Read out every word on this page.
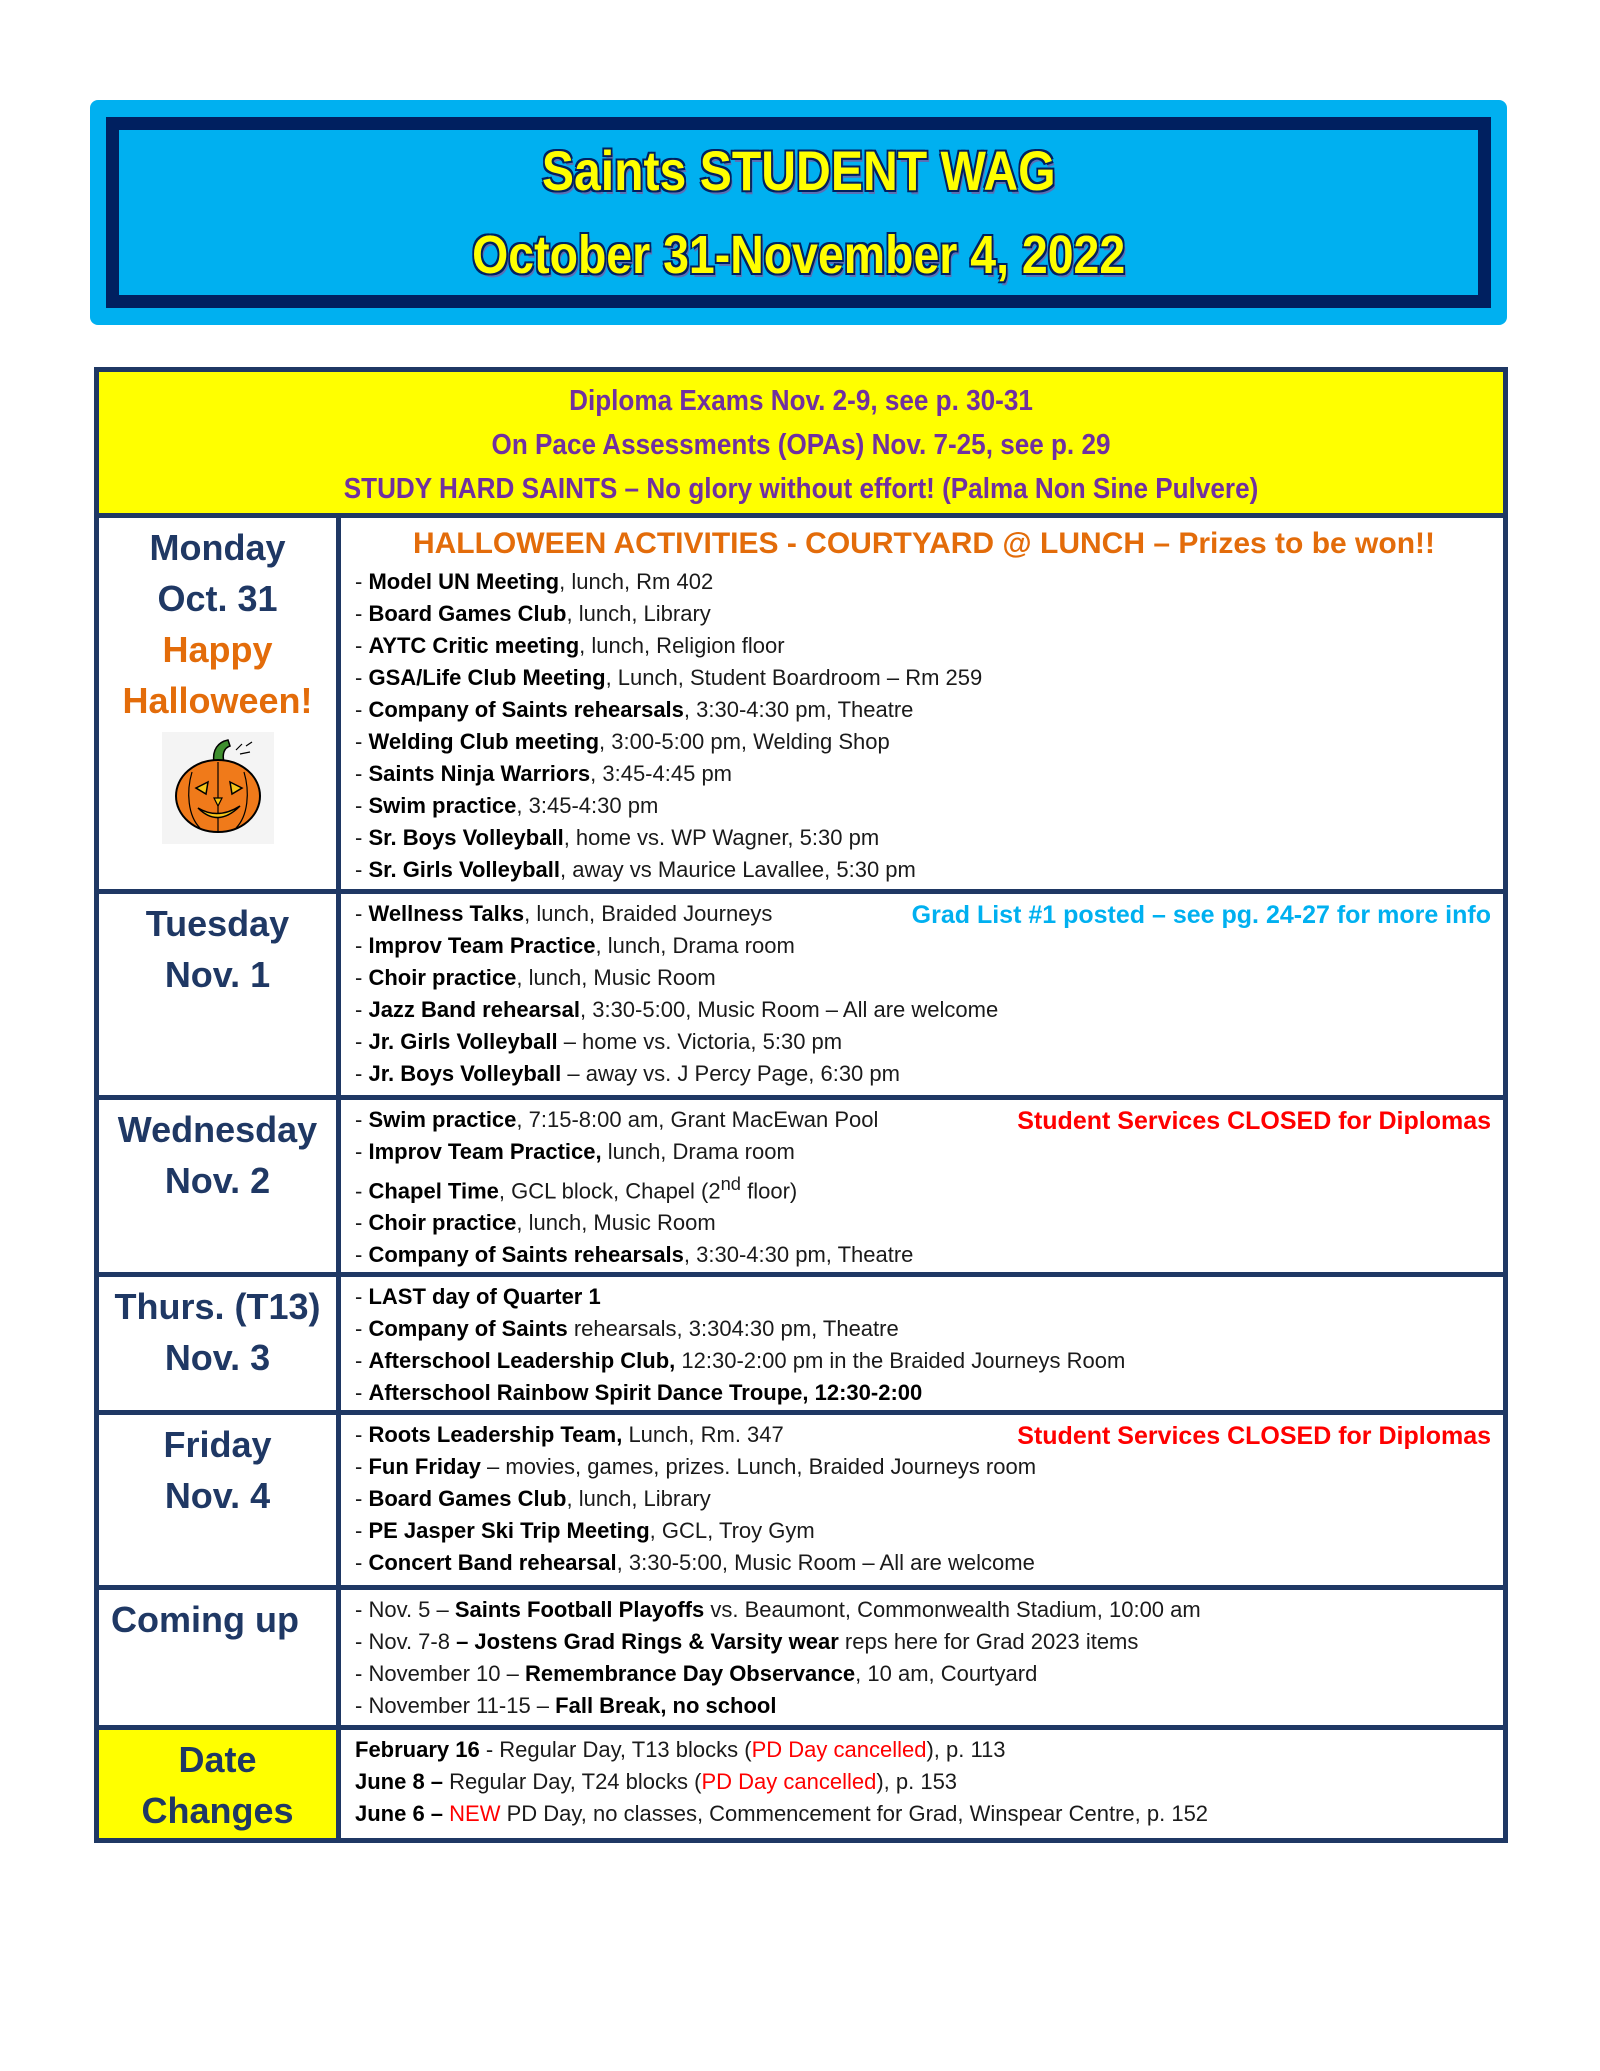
Saints STUDENT WAG
October 31-November 4, 2022
Diploma Exams Nov. 2-9, see p. 30-31
On Pace Assessments (OPAs) Nov. 7-25, see p. 29
STUDY HARD SAINTS – No glory without effort! (Palma Non Sine Pulvere)
Monday
Oct. 31
Happy
Halloween!
HALLOWEEN ACTIVITIES - COURTYARD @ LUNCH – Prizes to be won!!
- Model UN Meeting, lunch, Rm 402
- Board Games Club, lunch, Library
- AYTC Critic meeting, lunch, Religion floor
- GSA/Life Club Meeting, Lunch, Student Boardroom – Rm 259
- Company of Saints rehearsals, 3:30-4:30 pm, Theatre
- Welding Club meeting, 3:00-5:00 pm, Welding Shop
- Saints Ninja Warriors, 3:45-4:45 pm
- Swim practice, 3:45-4:30 pm
- Sr. Boys Volleyball, home vs. WP Wagner, 5:30 pm
- Sr. Girls Volleyball, away vs Maurice Lavallee, 5:30 pm
Tuesday
Nov. 1
Grad List #1 posted – see pg. 24-27 for more info
- Wellness Talks, lunch, Braided Journeys
- Improv Team Practice, lunch, Drama room
- Choir practice, lunch, Music Room
- Jazz Band rehearsal, 3:30-5:00, Music Room – All are welcome
- Jr. Girls Volleyball – home vs. Victoria, 5:30 pm
- Jr. Boys Volleyball – away vs. J Percy Page, 6:30 pm
Wednesday
Nov. 2
Student Services CLOSED for Diplomas
- Swim practice, 7:15-8:00 am, Grant MacEwan Pool
- Improv Team Practice, lunch, Drama room
- Chapel Time, GCL block, Chapel (2nd floor)
- Choir practice, lunch, Music Room
- Company of Saints rehearsals, 3:30-4:30 pm, Theatre
Thurs. (T13)
Nov. 3
- LAST day of Quarter 1
- Company of Saints rehearsals, 3:304:30 pm, Theatre
- Afterschool Leadership Club, 12:30-2:00 pm in the Braided Journeys Room
- Afterschool Rainbow Spirit Dance Troupe, 12:30-2:00
Friday
Nov. 4
Student Services CLOSED for Diplomas
- Roots Leadership Team, Lunch, Rm. 347
- Fun Friday – movies, games, prizes. Lunch, Braided Journeys room
- Board Games Club, lunch, Library
- PE Jasper Ski Trip Meeting, GCL, Troy Gym
- Concert Band rehearsal, 3:30-5:00, Music Room – All are welcome
Coming up	- Nov. 5 – Saints Football Playoffs vs. Beaumont, Commonwealth Stadium, 10:00 am
- Nov. 7-8 – Jostens Grad Rings & Varsity wear reps here for Grad 2023 items
- November 10 – Remembrance Day Observance, 10 am, Courtyard
- November 11-15 – Fall Break, no school
Date
Changes
February 16 - Regular Day, T13 blocks (PD Day cancelled), p. 113
June 8 – Regular Day, T24 blocks (PD Day cancelled), p. 153
June 6 – NEW PD Day, no classes, Commencement for Grad, Winspear Centre, p. 152
